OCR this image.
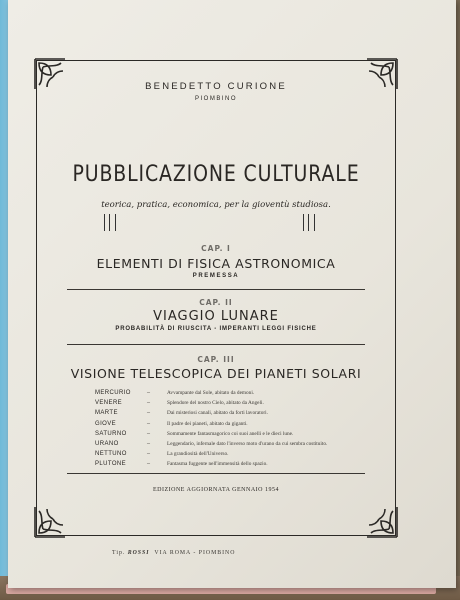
BENEDETTO CURIONE
PIOMBINO
PUBBLICAZIONE CULTURALE
teorica, pratica, economica, per la gioventù studiosa.
CAP. I
ELEMENTI DI FISICA ASTRONOMICA
PREMESSA
CAP. II
VIAGGIO LUNARE
PROBABILITÀ DI RIUSCITA - IMPERANTI LEGGI FISICHE
CAP. III
VISIONE TELESCOPICA DEI PIANETI SOLARI
MERCURIO	–	Avvampante dal Sole, abitato da demoni.
VENERE	–	Splendore del nostro Cielo, abitato da Angeli.
MARTE	–	Dai misteriosi canali, abitato da forti lavoratori.
GIOVE	–	Il padre dei pianeti, abitato da giganti.
SATURNO	–	Sommamente fantasmagorico coi suoi anelli e le dieci lune.
URANO	–	Leggendario, infernale dato l'inverso moto d'urano da cui sembra costituito.
NETTUNO	–	La grandiosità dell'Universo.
PLUTONE	–	Fantasma fuggente nell'immensità dello spazio.
EDIZIONE AGGIORNATA GENNAIO 1954
Tip. ROSSI VIA ROMA - PIOMBINO
